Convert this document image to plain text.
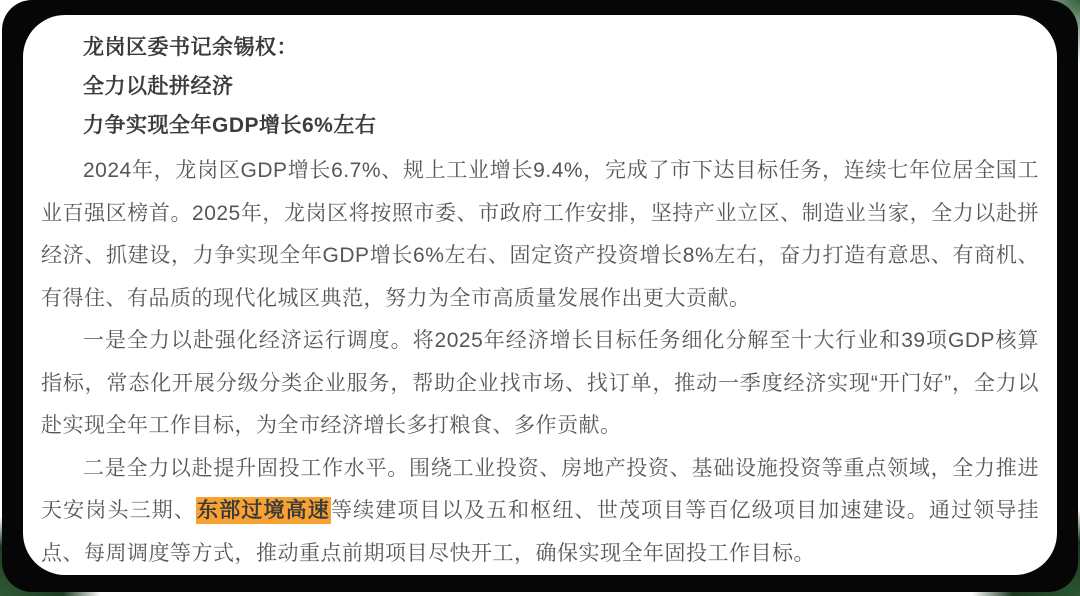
龙岗区委书记余锡权：

全力以赴拼经济

力争实现全年GDP增长6%左右

2024年，龙岗区GDP增长6.7%、规上工业增长9.4%，完成了市下达目标任务，连续七年位居全国工业百强区榜首。2025年，龙岗区将按照市委、市政府工作安排，坚持产业立区、制造业当家，全力以赴拼经济、抓建设，力争实现全年GDP增长6%左右、固定资产投资增长8%左右，奋力打造有意思、有商机、有得住、有品质的现代化城区典范，努力为全市高质量发展作出更大贡献。

一是全力以赴强化经济运行调度。将2025年经济增长目标任务细化分解至十大行业和39项GDP核算指标，常态化开展分级分类企业服务，帮助企业找市场、找订单，推动一季度经济实现“开门好”，全力以赴实现全年工作目标，为全市经济增长多打粮食、多作贡献。

二是全力以赴提升固投工作水平。围绕工业投资、房地产投资、基础设施投资等重点领域，全力推进天安岗头三期、东部过境高速等续建项目以及五和枢纽、世茂项目等百亿级项目加速建设。通过领导挂点、每周调度等方式，推动重点前期项目尽快开工，确保实现全年固投工作目标。
